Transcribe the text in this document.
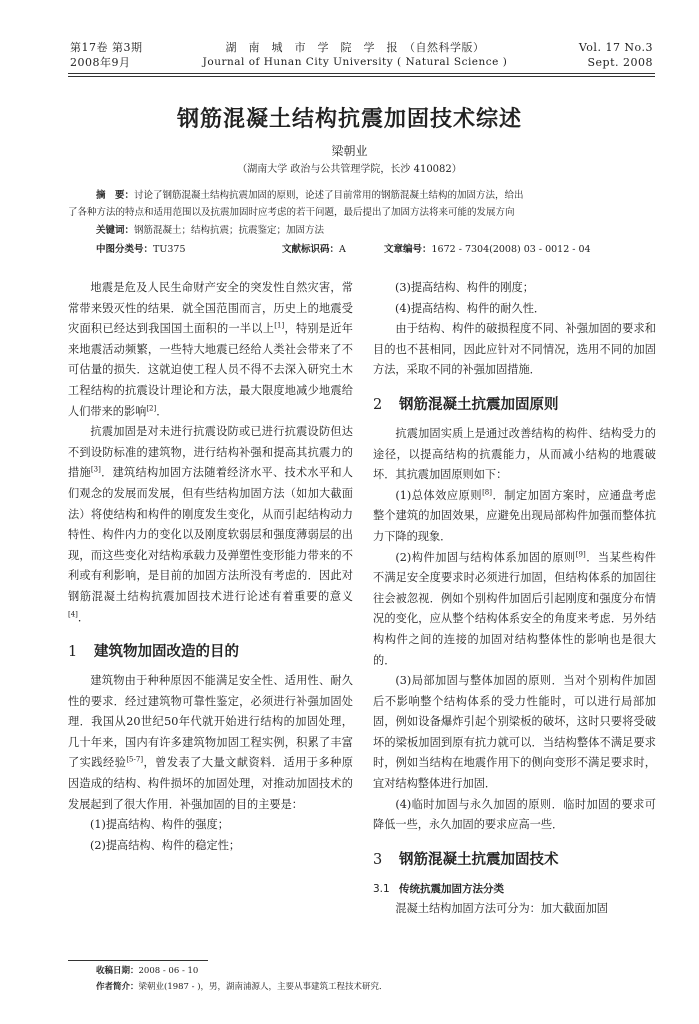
第17卷 第3期
2008年9月
湖　南　城　市　学　院　学　报　（自然科学版）
Journal of Hunan City University ( Natural Science )
Vol. 17 No.3
Sept. 2008
钢筋混凝土结构抗震加固技术综述
梁朝业
（湖南大学 政治与公共管理学院，长沙 410082）
摘　要：讨论了钢筋混凝土结构抗震加固的原则，论述了目前常用的钢筋混凝土结构的加固方法，给出
了各种方法的特点和适用范围以及抗震加固时应考虑的若干问题，最后提出了加固方法将来可能的发展方向
关键词：钢筋混凝土；结构抗震；抗震鉴定；加固方法
中图分类号：TU375	文献标识码：A	文章编号：1672 - 7304(2008) 03 - 0012 - 04

地震是危及人民生命财产安全的突发性自然灾害，常常带来毁灭性的结果．就全国范围而言，历史上的地震受灾面积已经达到我国国土面积的一半以上[1]，特别是近年来地震活动频繁，一些特大地震已经给人类社会带来了不可估量的损失．这就迫使工程人员不得不去深入研究土木工程结构的抗震设计理论和方法，最大限度地减少地震给人们带来的影响[2]．

抗震加固是对未进行抗震设防或已进行抗震设防但达不到设防标准的建筑物，进行结构补强和提高其抗震力的措施[3]．建筑结构加固方法随着经济水平、技术水平和人们观念的发展而发展，但有些结构加固方法（如加大截面法）将使结构和构件的刚度发生变化，从而引起结构动力特性、构件内力的变化以及刚度软弱层和强度薄弱层的出现，而这些变化对结构承载力及弹塑性变形能力带来的不利或有利影响，是目前的加固方法所没有考虑的．因此对钢筋混凝土结构抗震加固技术进行论述有着重要的意义[4]．

1 建筑物加固改造的目的

建筑物由于种种原因不能满足安全性、适用性、耐久性的要求．经过建筑物可靠性鉴定，必须进行补强加固处理．我国从20世纪50年代就开始进行结构的加固处理，几十年来，国内有许多建筑物加固工程实例，积累了丰富了实践经验[5-7]，曾发表了大量文献资料．适用于多种原因造成的结构、构件损坏的加固处理，对推动加固技术的发展起到了很大作用．补强加固的目的主要是：

(1)提高结构、构件的强度；

(2)提高结构、构件的稳定性；

(3)提高结构、构件的刚度；

(4)提高结构、构件的耐久性．

由于结构、构件的破损程度不同、补强加固的要求和目的也不甚相同，因此应针对不同情况，选用不同的加固方法，采取不同的补强加固措施．

2 钢筋混凝土抗震加固原则

抗震加固实质上是通过改善结构的构件、结构受力的途径，以提高结构的抗震能力，从而减小结构的地震破坏．其抗震加固原则如下：

(1)总体效应原则[8]．制定加固方案时，应通盘考虑整个建筑的加固效果，应避免出现局部构件加强而整体抗力下降的现象．

(2)构件加固与结构体系加固的原则[9]．当某些构件不满足安全度要求时必须进行加固，但结构体系的加固往往会被忽视．例如个别构件加固后引起刚度和强度分布情况的变化，应从整个结构体系安全的角度来考虑．另外结构构件之间的连接的加固对结构整体性的影响也是很大的．

(3)局部加固与整体加固的原则．当对个别构件加固后不影响整个结构体系的受力性能时，可以进行局部加固，例如设备爆炸引起个别梁板的破坏，这时只要将受破坏的梁板加固到原有抗力就可以．当结构整体不满足要求时，例如当结构在地震作用下的侧向变形不满足要求时，宜对结构整体进行加固．

(4)临时加固与永久加固的原则．临时加固的要求可降低一些，永久加固的要求应高一些．

3 钢筋混凝土抗震加固技术
3.1 传统抗震加固方法分类

混凝土结构加固方法可分为：加大截面加固

收稿日期：2008 - 06 - 10
作者简介：梁朝业(1987 - )，男，湖南浦源人，主要从事建筑工程技术研究．
